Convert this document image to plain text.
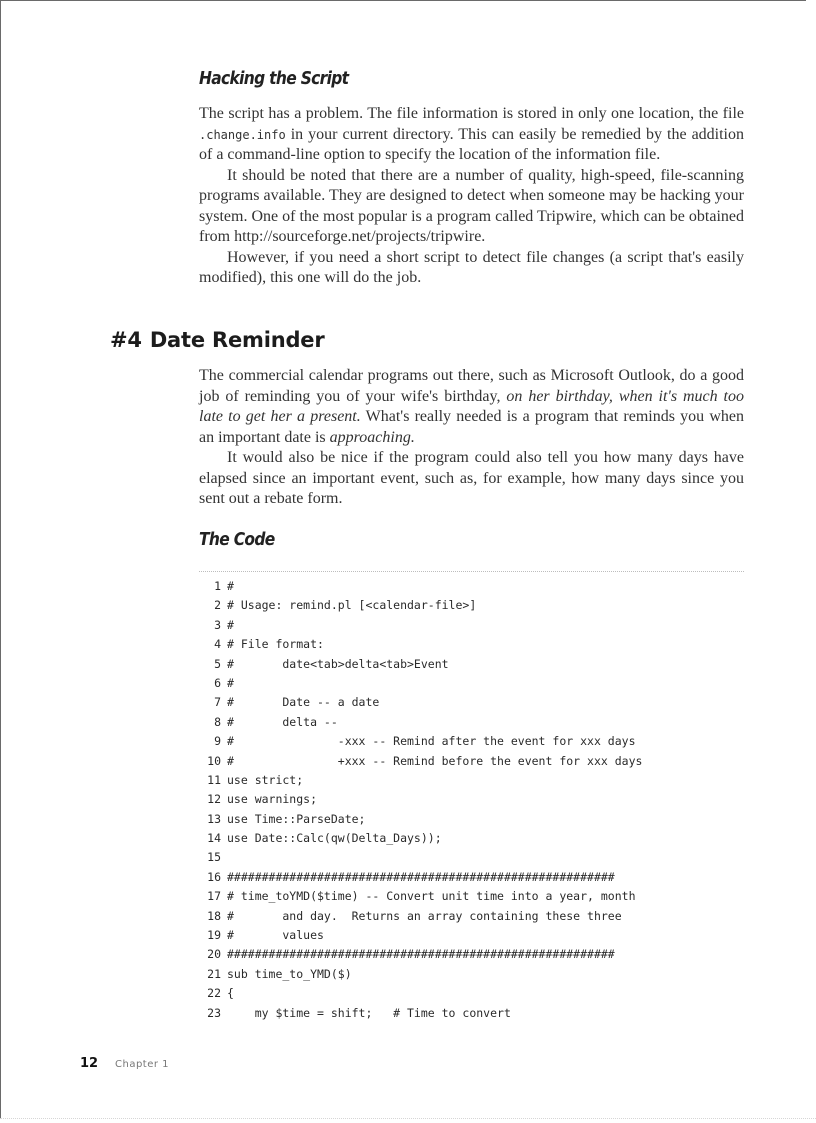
Hacking the Script

The script has a problem. The file information is stored in only one location, the file .change.info in your current directory. This can easily be remedied by the addition of a command-line option to specify the location of the information file.

It should be noted that there are a number of quality, high-speed, file-scanning programs available. They are designed to detect when someone may be hacking your system. One of the most popular is a program called Tripwire, which can be obtained from http://sourceforge.net/projects/tripwire.

However, if you need a short script to detect file changes (a script that's easily modified), this one will do the job.

#4 Date Reminder

The commercial calendar programs out there, such as Microsoft Outlook, do a good job of reminding you of your wife's birthday, on her birthday, when it's much too late to get her a present. What's really needed is a program that reminds you when an important date is approaching.

It would also be nice if the program could also tell you how many days have elapsed since an important event, such as, for example, how many days since you sent out a rebate form.

The Code
1 #
2 # Usage: remind.pl [<calendar-file>]
3 #
4 # File format:
5 #       date<tab>delta<tab>Event
6 #
7 #       Date -- a date
8 #       delta --
9 #               -xxx -- Remind after the event for xxx days
10 #               +xxx -- Remind before the event for xxx days
11 use strict;
12 use warnings;
13 use Time::ParseDate;
14 use Date::Calc(qw(Delta_Days));
15
16 ########################################################
17 # time_toYMD($time) -- Convert unit time into a year, month
18 #       and day.  Returns an array containing these three
19 #       values
20 ########################################################
21 sub time_to_YMD($)
22 {
23    my $time = shift;   # Time to convert
12 Chapter 1
